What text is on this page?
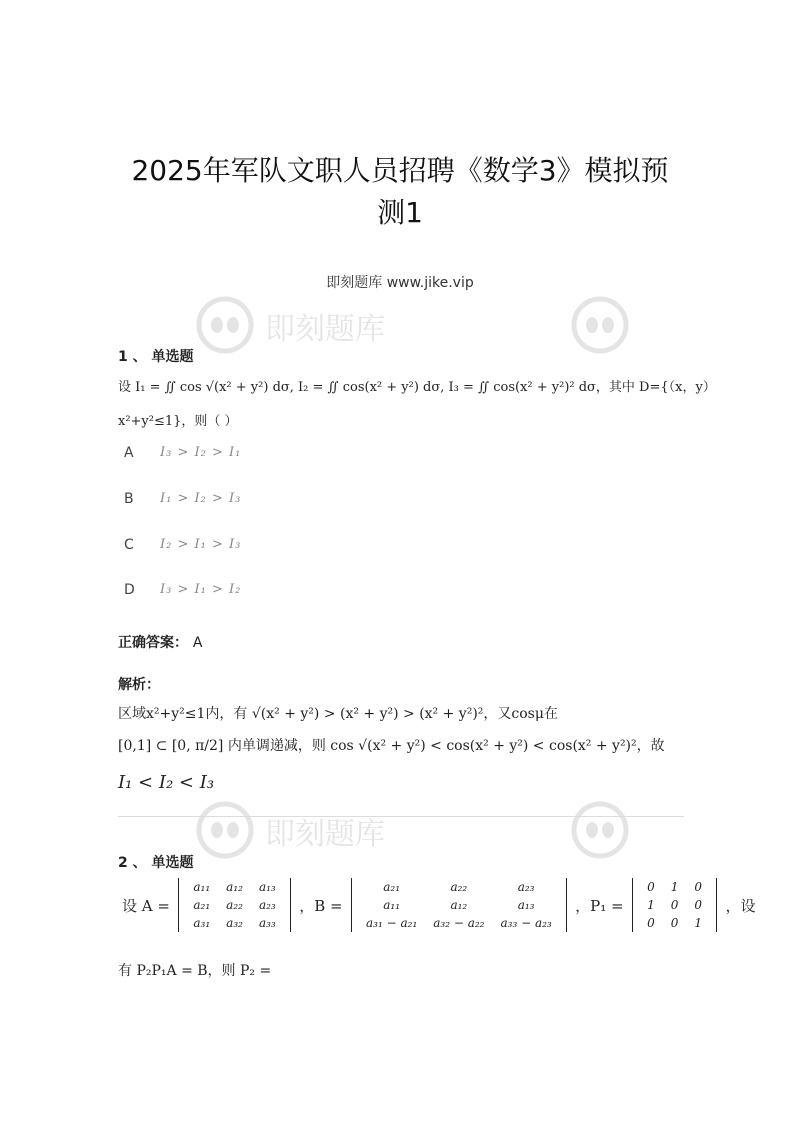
2025年军队文职人员招聘《数学3》模拟预
测1
即刻题库 www.jike.vip
即刻题库
即刻题库
1 、 单选题
设 I₁ = ∬ cos √(x² + y²) dσ, I₂ = ∬ cos(x² + y²) dσ, I₃ = ∬ cos(x² + y²)² dσ，其中 D={（x，y）
x²+y²≤1}，则（ ）
A I₃ > I₂ > I₁
B I₁ > I₂ > I₃
C I₂ > I₁ > I₃
D I₃ > I₁ > I₂
正确答案： A
解析：
区域x²+y²≤1内，有 √(x² + y²) > (x² + y²) > (x² + y²)²，又cosμ在
[0,1] ⊂ [0, π/2] 内单调递减，则 cos √(x² + y²) < cos(x² + y²) < cos(x² + y²)²，故
I₁ < I₂ < I₃
2 、 单选题
设 A =
a₁₁	a₁₂	a₁₃
a₂₁	a₂₂	a₂₃
a₃₁	a₃₂	a₃₃
，B =
a₂₁	a₂₂	a₂₃
a₁₁	a₁₂	a₁₃
a₃₁ − a₂₁	a₃₂ − a₂₂	a₃₃ − a₂₃
，P₁ =
0	1	0
1	0	0
0	0	1
，设
有 P₂P₁A = B，则 P₂ =
